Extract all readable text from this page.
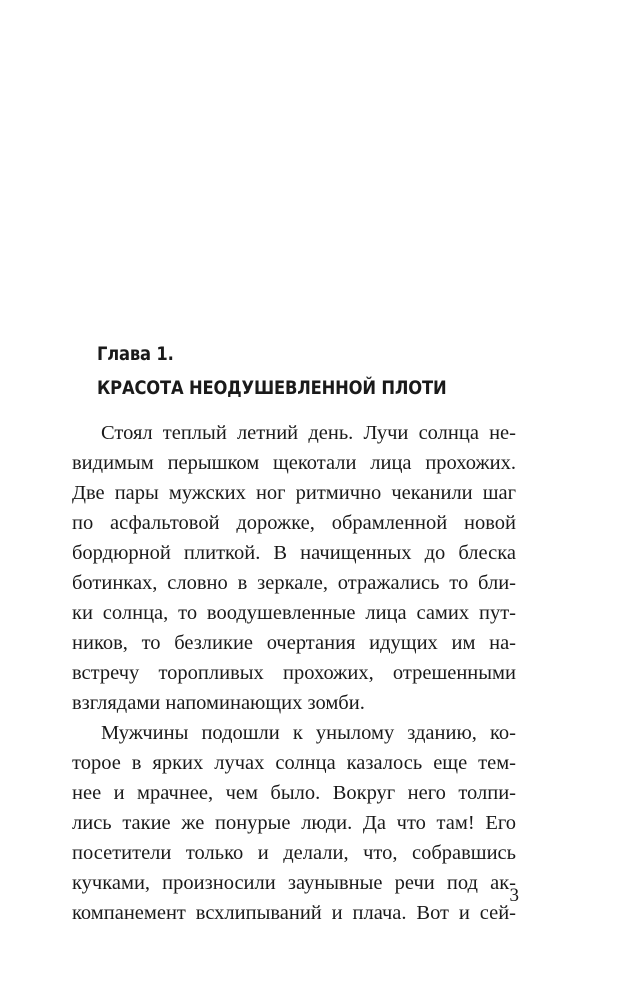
Глава 1.
КРАСОТА НЕОДУШЕВЛЕННОЙ ПЛОТИ
Стоял теплый летний день. Лучи солнца не-
видимым перышком щекотали лица прохожих.
Две пары мужских ног ритмично чеканили шаг
по асфальтовой дорожке, обрамленной новой
бордюрной плиткой. В начищенных до блеска
ботинках, словно в зеркале, отражались то бли-
ки солнца, то воодушевленные лица самих пут-
ников, то безликие очертания идущих им на-
встречу торопливых прохожих, отрешенными
взглядами напоминающих зомби.
Мужчины подошли к унылому зданию, ко-
торое в ярких лучах солнца казалось еще тем-
нее и мрачнее, чем было. Вокруг него толпи-
лись такие же понурые люди. Да что там! Его
посетители только и делали, что, собравшись
кучками, произносили заунывные речи под ак-
компанемент всхлипываний и плача. Вот и сей-
3
